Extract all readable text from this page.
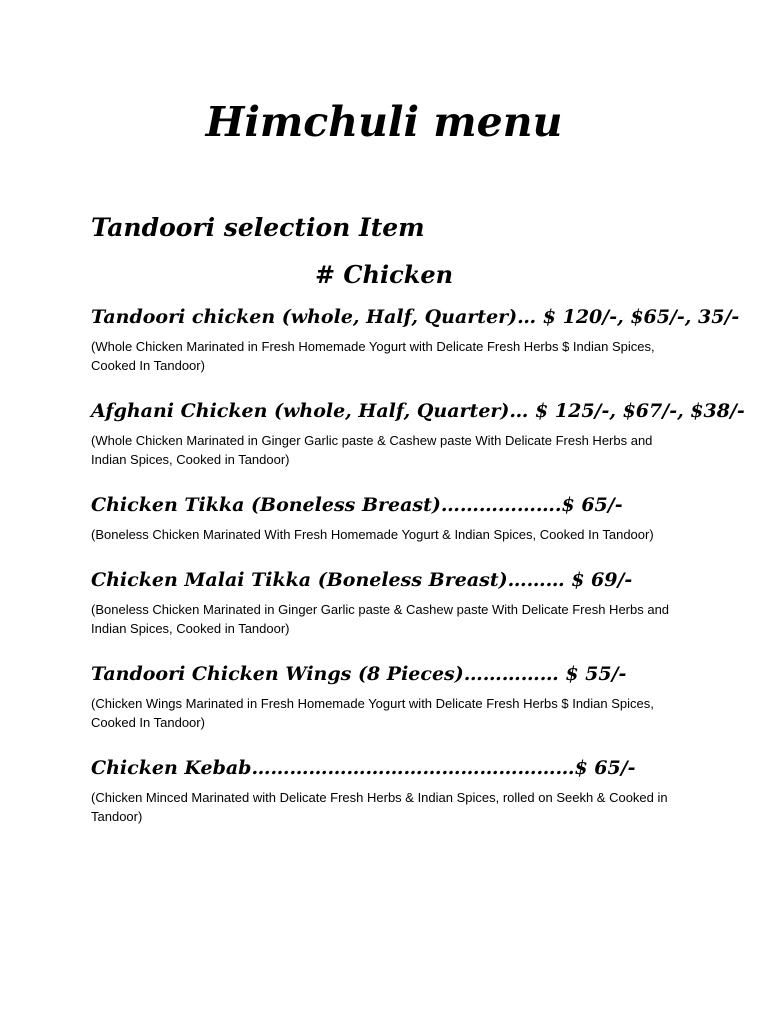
Himchuli menu
Tandoori selection Item
# Chicken

Tandoori chicken (whole, Half, Quarter)… $ 120/-, $65/-, 35/-

(Whole Chicken Marinated in Fresh Homemade Yogurt with Delicate Fresh Herbs $ Indian Spices, Cooked In Tandoor)

Afghani Chicken (whole, Half, Quarter)… $ 125/-, $67/-, $38/-

(Whole Chicken Marinated in Ginger Garlic paste & Cashew paste With Delicate Fresh Herbs and Indian Spices, Cooked in Tandoor)

Chicken Tikka (Boneless Breast)……………….$ 65/-

(Boneless Chicken Marinated With Fresh Homemade Yogurt & Indian Spices, Cooked In Tandoor)

Chicken Malai Tikka (Boneless Breast)……… $ 69/-

(Boneless Chicken Marinated in Ginger Garlic paste & Cashew paste With Delicate Fresh Herbs and Indian Spices, Cooked in Tandoor)

Tandoori Chicken Wings (8 Pieces)…………… $ 55/-

(Chicken Wings Marinated in Fresh Homemade Yogurt with Delicate Fresh Herbs $ Indian Spices, Cooked In Tandoor)

Chicken Kebab……………………………………………$ 65/-

(Chicken Minced Marinated with Delicate Fresh Herbs & Indian Spices, rolled on Seekh & Cooked in Tandoor)
